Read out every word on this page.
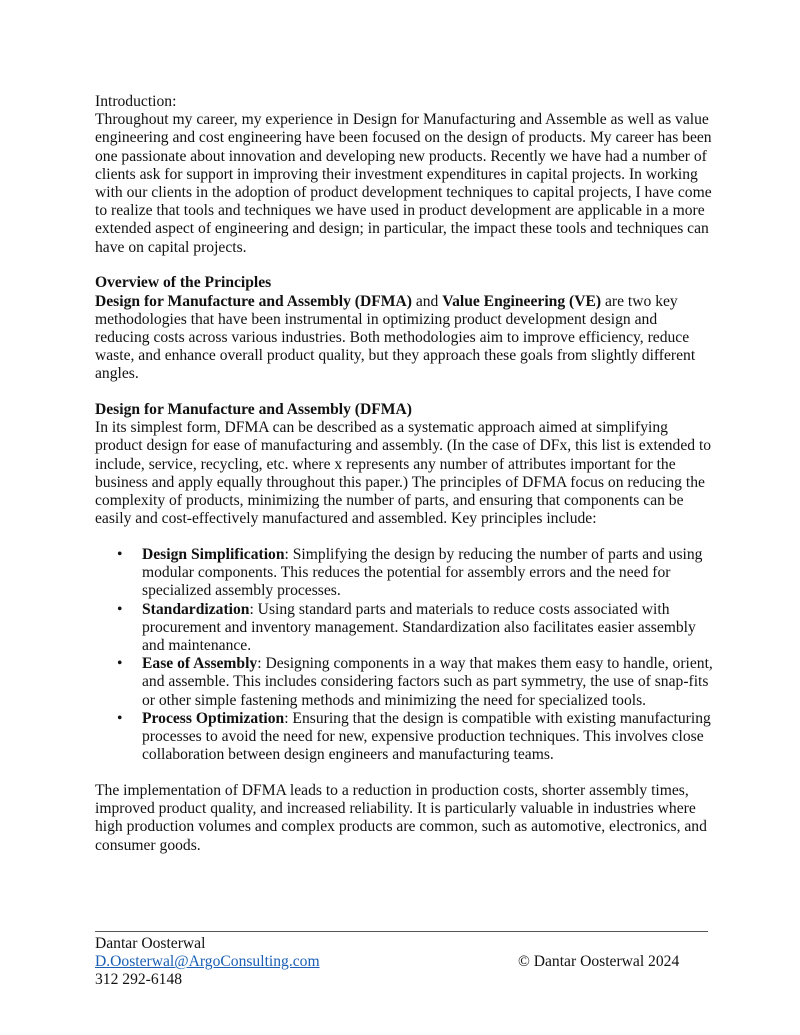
Introduction:

Throughout my career, my experience in Design for Manufacturing and Assemble as well as value engineering and cost engineering have been focused on the design of products. My career has been one passionate about innovation and developing new products. Recently we have had a number of clients ask for support in improving their investment expenditures in capital projects. In working with our clients in the adoption of product development techniques to capital projects, I have come to realize that tools and techniques we have used in product development are applicable in a more extended aspect of engineering and design; in particular, the impact these tools and techniques can have on capital projects.

Overview of the Principles

Design for Manufacture and Assembly (DFMA) and Value Engineering (VE) are two key methodologies that have been instrumental in optimizing product development design and reducing costs across various industries. Both methodologies aim to improve efficiency, reduce waste, and enhance overall product quality, but they approach these goals from slightly different angles.

Design for Manufacture and Assembly (DFMA)

In its simplest form, DFMA can be described as a systematic approach aimed at simplifying product design for ease of manufacturing and assembly. (In the case of DFx, this list is extended to include, service, recycling, etc. where x represents any number of attributes important for the business and apply equally throughout this paper.) The principles of DFMA focus on reducing the complexity of products, minimizing the number of parts, and ensuring that components can be easily and cost-effectively manufactured and assembled. Key principles include:

• Design Simplification: Simplifying the design by reducing the number of parts and using modular components. This reduces the potential for assembly errors and the need for specialized assembly processes.
• Standardization: Using standard parts and materials to reduce costs associated with procurement and inventory management. Standardization also facilitates easier assembly and maintenance.
• Ease of Assembly: Designing components in a way that makes them easy to handle, orient, and assemble. This includes considering factors such as part symmetry, the use of snap-fits or other simple fastening methods and minimizing the need for specialized tools.
• Process Optimization: Ensuring that the design is compatible with existing manufacturing processes to avoid the need for new, expensive production techniques. This involves close collaboration between design engineers and manufacturing teams.

The implementation of DFMA leads to a reduction in production costs, shorter assembly times, improved product quality, and increased reliability. It is particularly valuable in industries where high production volumes and complex products are common, such as automotive, electronics, and consumer goods.

Dantar Oosterwal
D.Oosterwal@ArgoConsulting.com
312 292-6148
© Dantar Oosterwal 2024
